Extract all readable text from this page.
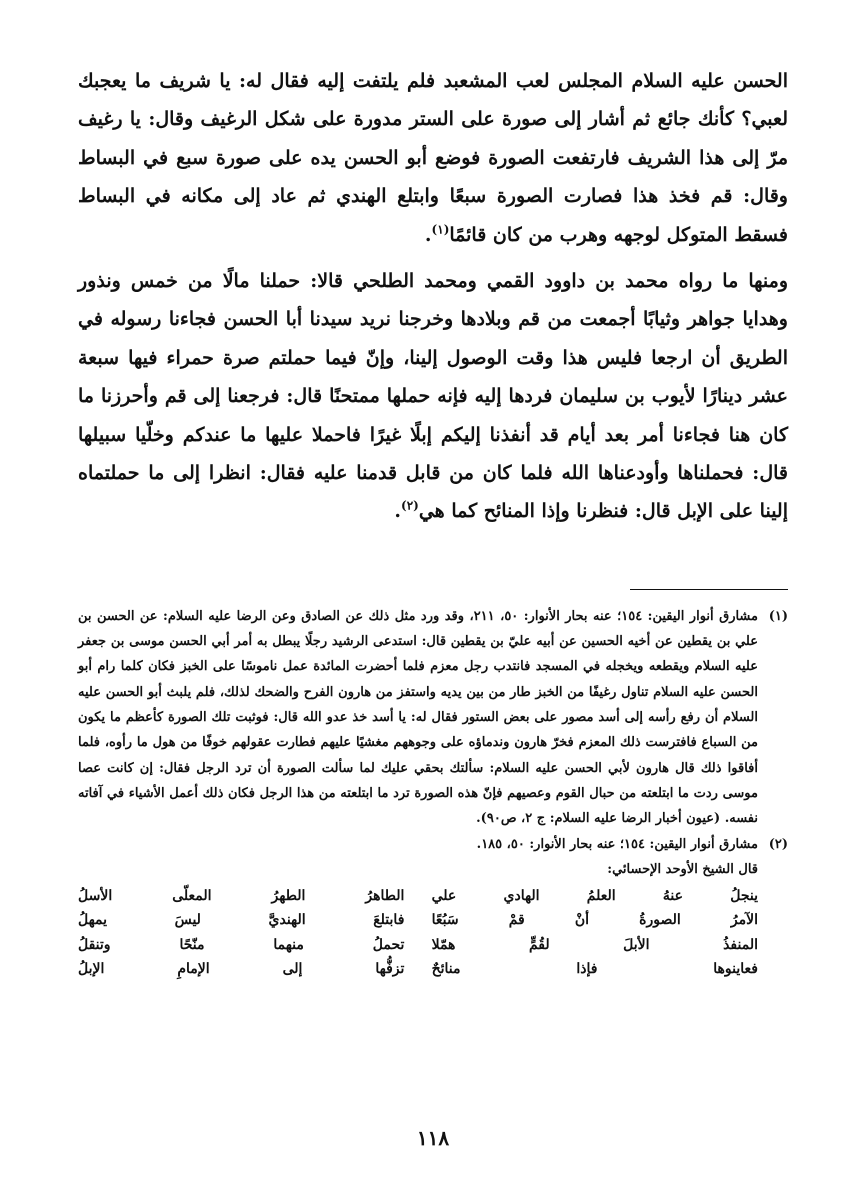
الحسن عليه السلام المجلس لعب المشعبد فلم يلتفت إليه فقال له: يا شريف ما يعجبك لعبي؟ كأنك جائع ثم أشار إلى صورة على الستر مدورة على شكل الرغيف وقال: يا رغيف مرّ إلى هذا الشريف فارتفعت الصورة فوضع أبو الحسن يده على صورة سبع في البساط وقال: قم فخذ هذا فصارت الصورة سبعًا وابتلع الهندي ثم عاد إلى مكانه في البساط فسقط المتوكل لوجهه وهرب من كان قائمًا$^{(١)}$.

ومنها ما رواه محمد بن داوود القمي ومحمد الطلحي قالا: حملنا مالًا من خمس ونذور وهدايا جواهر وثيابًا أجمعت من قم وبلادها وخرجنا نريد سيدنا أبا الحسن فجاءنا رسوله في الطريق أن ارجعا فليس هذا وقت الوصول إلينا، وإنّ فيما حملتم صرة حمراء فيها سبعة عشر دينارًا لأيوب بن سليمان فردها إليه فإنه حملها ممتحنًا قال: فرجعنا إلى قم وأحرزنا ما كان هنا فجاءنا أمر بعد أيام قد أنفذنا إليكم إبلًا غيرًا فاحملا عليها ما عندكم وخلّيا سبيلها قال: فحملناها وأودعناها الله فلما كان من قابل قدمنا عليه فقال: انظرا إلى ما حملتماه إلينا على الإبل قال: فنظرنا وإذا المنائح كما هي$^{(٢)}$.

(١)

مشارق أنوار اليقين: ١٥٤؛ عنه بحار الأنوار: ٥٠، ٢١١، وقد ورد مثل ذلك عن الصادق وعن الرضا عليه السلام: عن الحسن بن علي بن يقطين عن أخيه الحسين عن أبيه عليّ بن يقطين قال: استدعى الرشيد رجلًا يبطل به أمر أبي الحسن موسى بن جعفر عليه السلام ويقطعه ويخجله في المسجد فانتدب رجل معزم فلما أحضرت المائدة عمل ناموسًا على الخبز فكان كلما رام أبو الحسن عليه السلام تناول رغيفًا من الخبز طار من بين يديه واستفز من هارون الفرح والضحك لذلك، فلم يلبث أبو الحسن عليه السلام أن رفع رأسه إلى أسد مصور على بعض الستور فقال له: يا أسد خذ عدو الله قال: فوثبت تلك الصورة كأعظم ما يكون من السباع فافترست ذلك المعزم فخرّ هارون وندماؤه على وجوههم مغشيًا عليهم فطارت عقولهم خوفًا من هول ما رأوه، فلما أفاقوا ذلك قال هارون لأبي الحسن عليه السلام: سألتك بحقي عليك لما سألت الصورة أن ترد الرجل فقال: إن كانت عصا موسى ردت ما ابتلعته من حبال القوم وعصيهم فإنّ هذه الصورة ترد ما ابتلعته من هذا الرجل فكان ذلك أعمل الأشياء في آفاته نفسه. (عيون أخبار الرضا عليه السلام: ج ٢، ص٩٠).

(٢)

مشارق أنوار اليقين: ١٥٤؛ عنه بحار الأنوار: ٥٠، ١٨٥.

قال الشيخ الأوحد الإحسائي:
ينجلُ عنهُ العلمُ الهادي علي
الطاهرُ الطهرُ المعلّى الأسلُ
الآمرُ الصورةُ أنْ قمْ سَبُعًا
فابتلعَ الهنديَّ ليسَ يمهلُ
المنفذُ الأبلَ لقُمٍّ همّلا
تحملُ منهما منّحًا وتنقلُ
فعاينوها فإذا منائحٌ
تزفُّها إلى الإمامِ الإبلُ
١١٨
